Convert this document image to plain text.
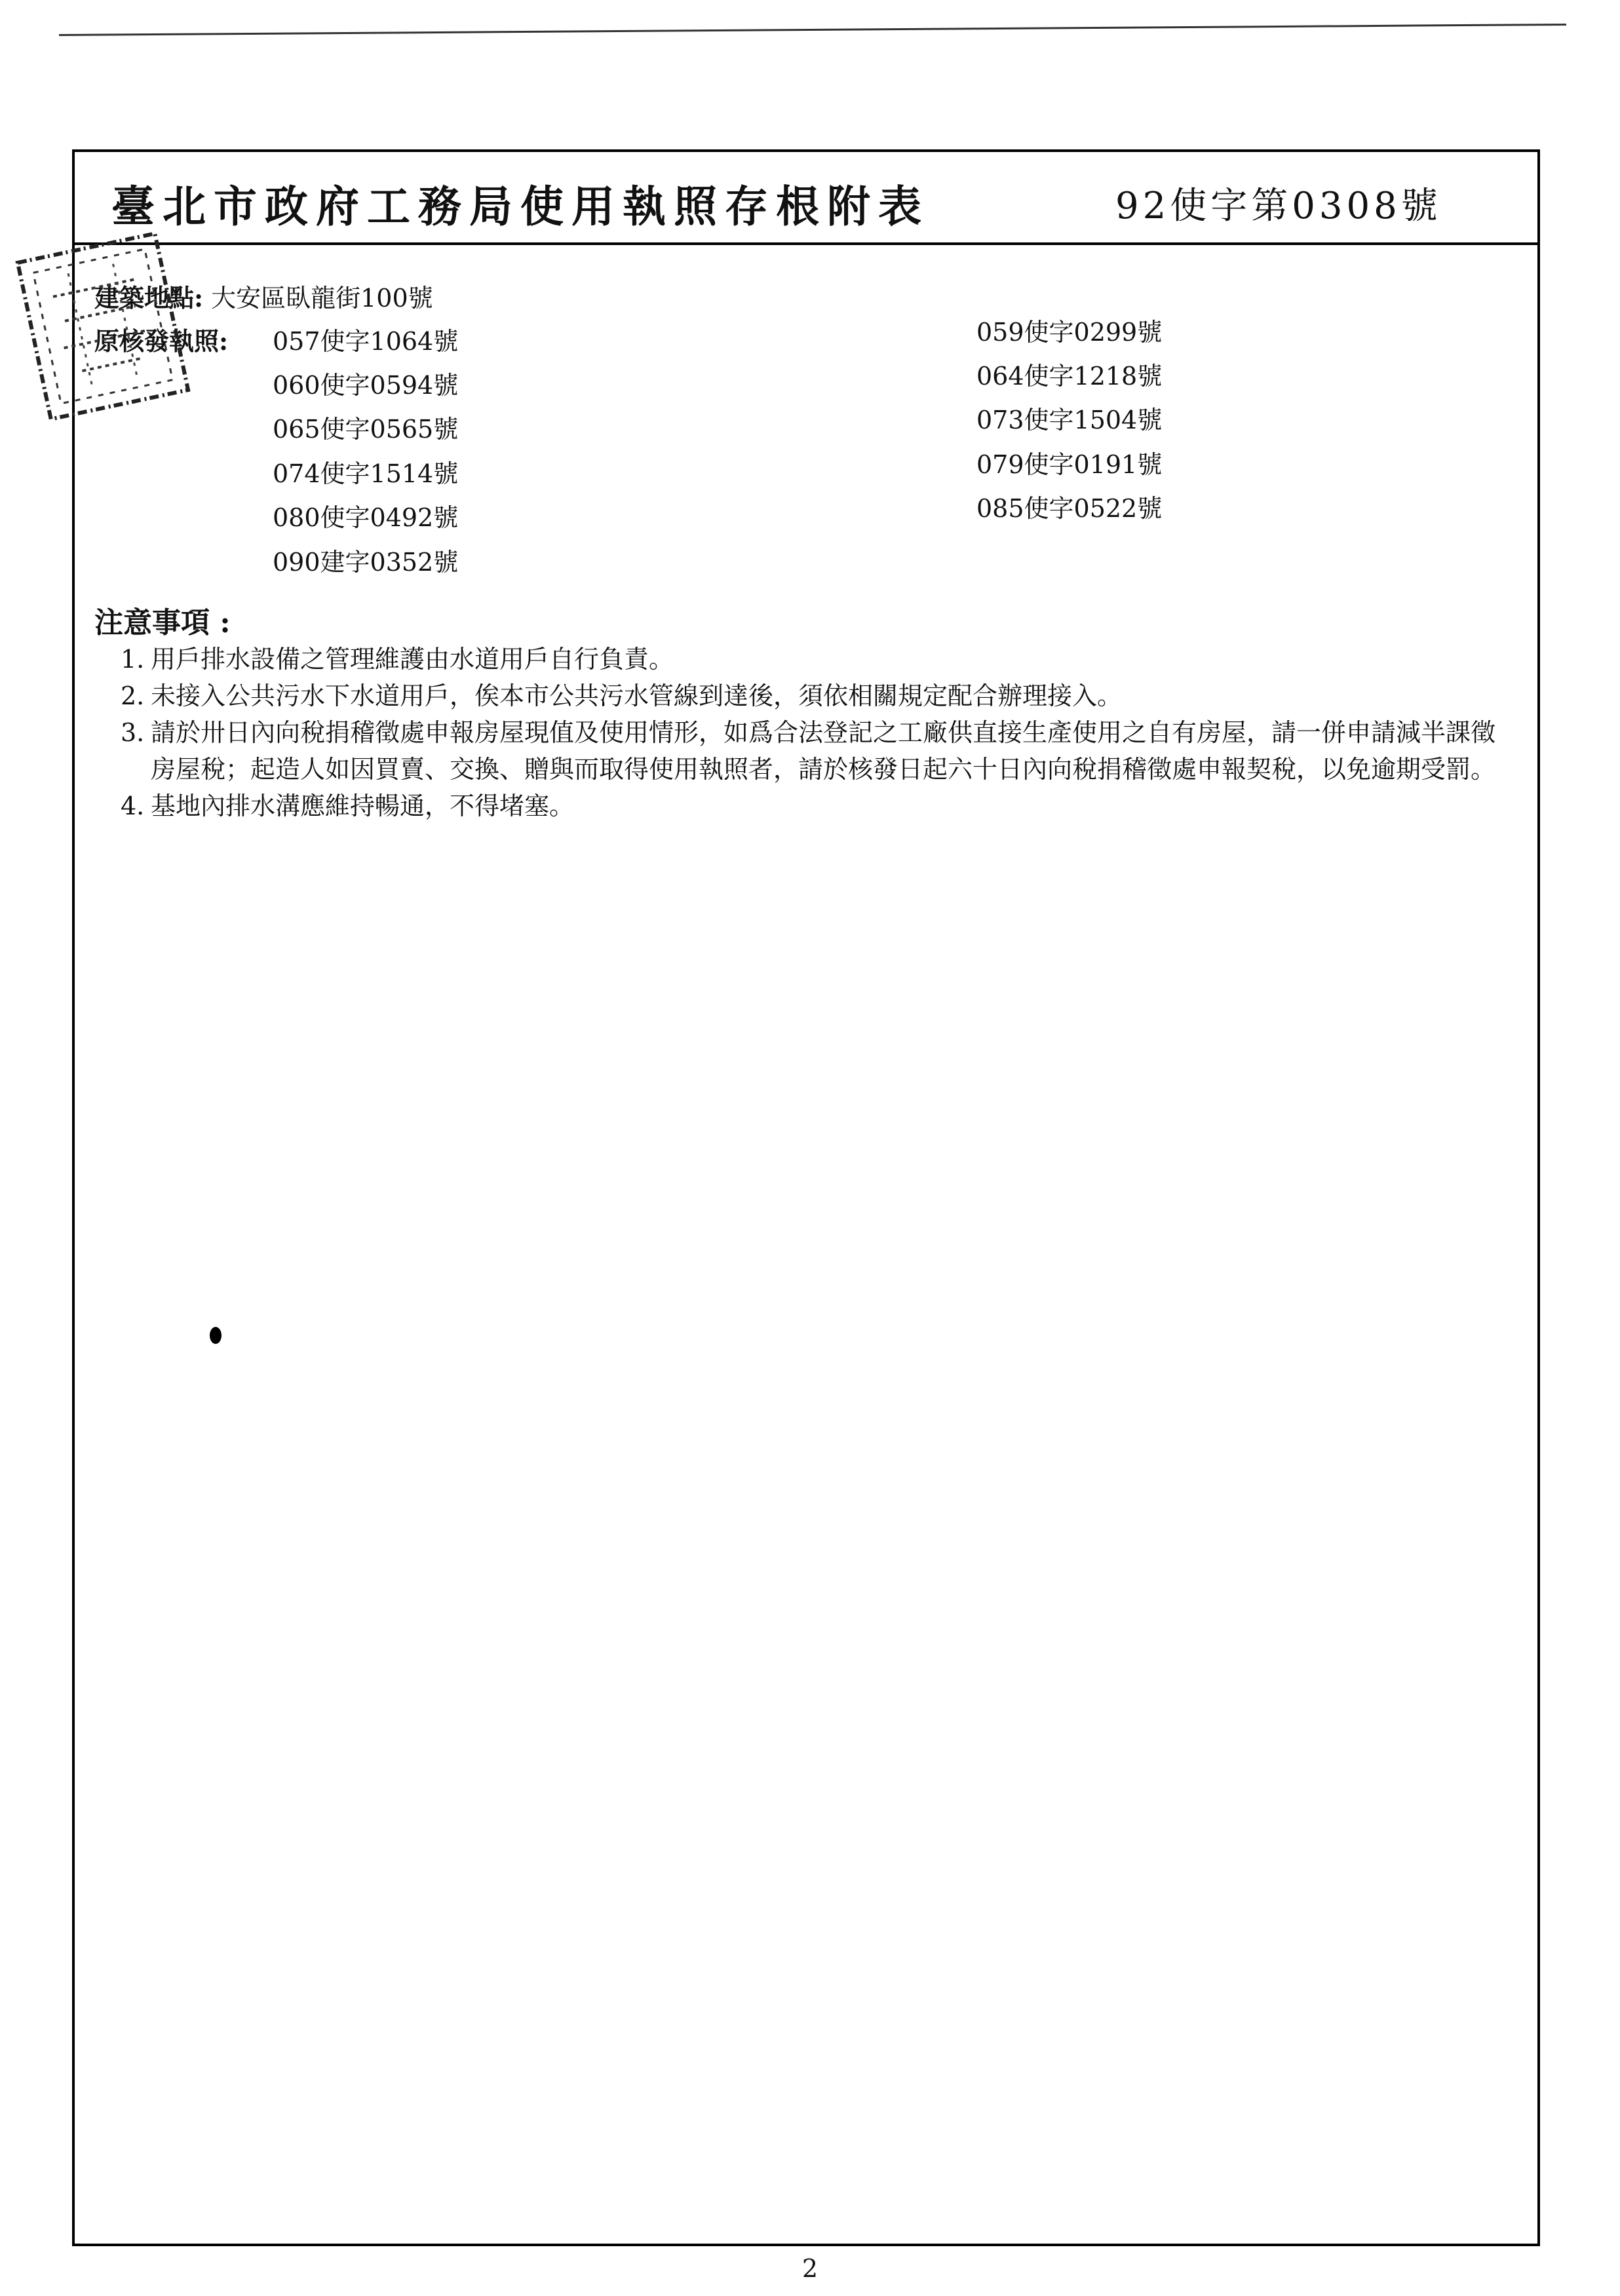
臺北市政府工務局使用執照存根附表	92使字第0308號
建築地點: 大安區臥龍街100號
原核發執照: 057使字1064號
060使字0594號
065使字0565號
074使字1514號
080使字0492號
090建字0352號
059使字0299號
064使字1218號
073使字1504號
079使字0191號
085使字0522號
注意事項 :
1. 用戶排水設備之管理維護由水道用戶自行負責。
2. 未接入公共污水下水道用戶，俟本市公共污水管線到達後，須依相關規定配合辦理接入。
3. 請於卅日內向稅捐稽徵處申報房屋現值及使用情形，如爲合法登記之工廠供直接生產使用之自有房屋，請一併申請減半課徵房屋稅；起造人如因買賣、交換、贈與而取得使用執照者，請於核發日起六十日內向稅捐稽徵處申報契稅，以免逾期受罰。
4. 基地內排水溝應維持暢通，不得堵塞。
2
